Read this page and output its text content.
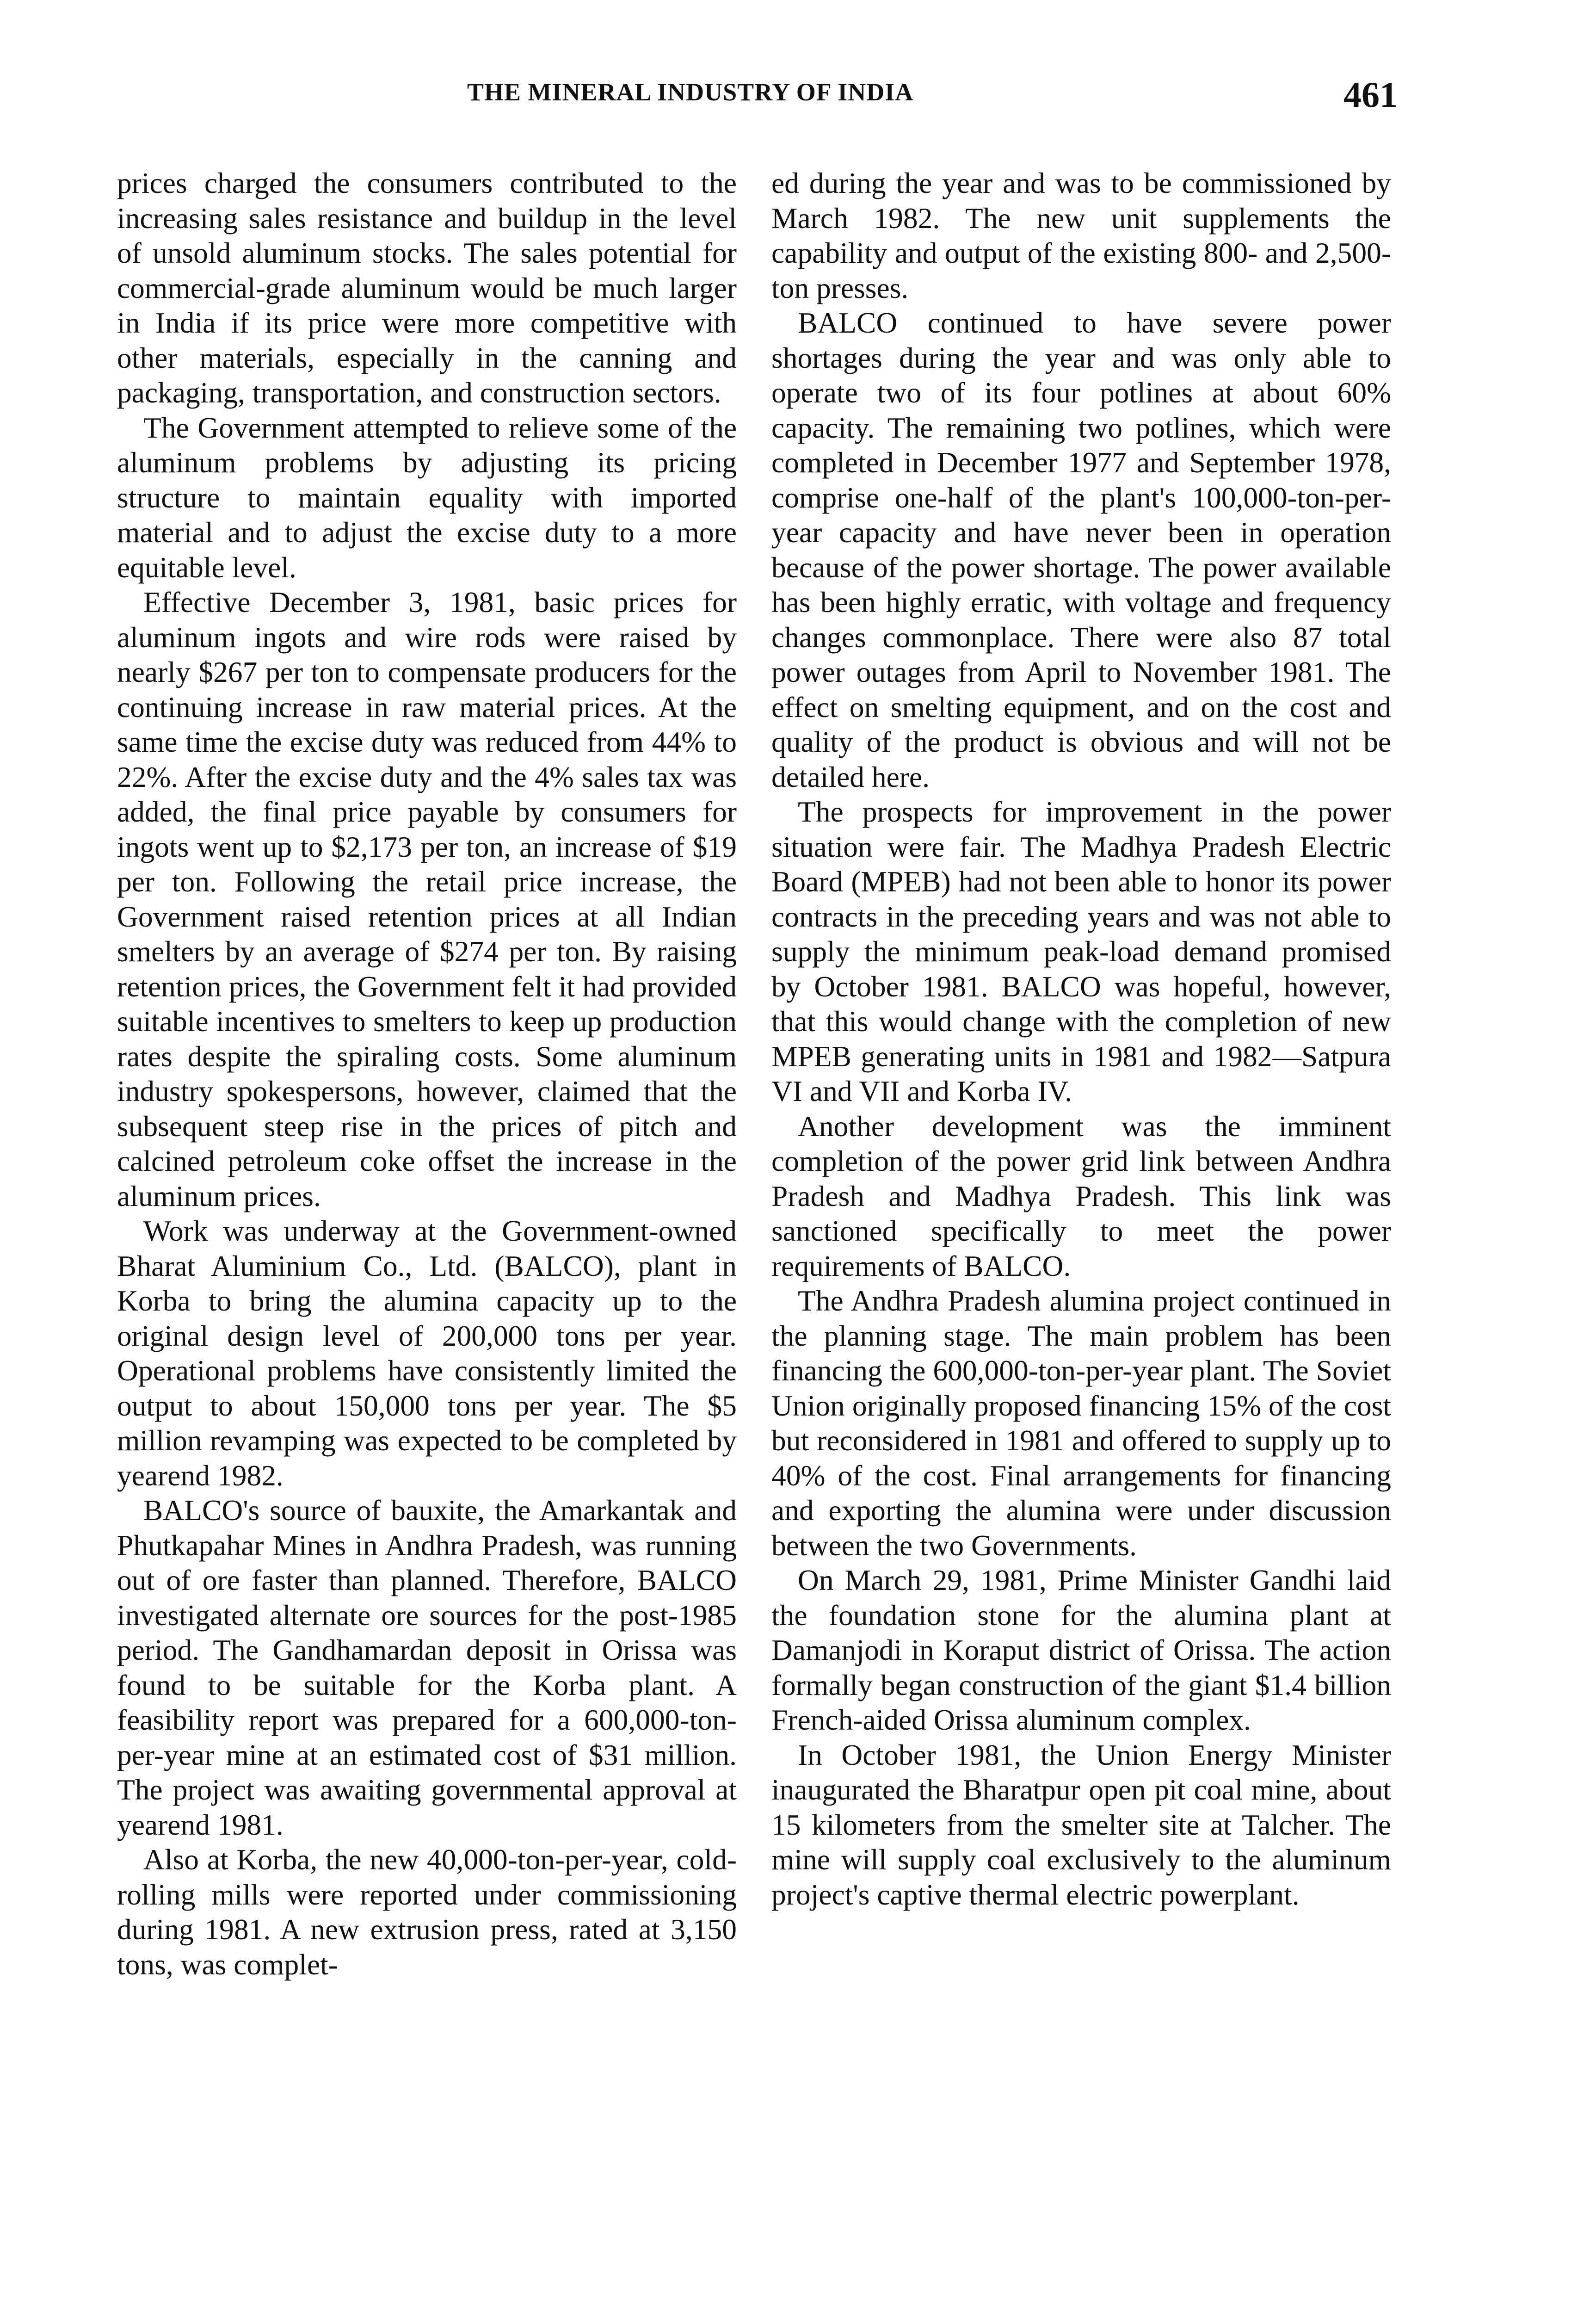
THE MINERAL INDUSTRY OF INDIA	461

prices charged the consumers contributed to the increasing sales resistance and buildup in the level of unsold aluminum stocks. The sales potential for commercial-grade aluminum would be much larger in India if its price were more competitive with other materials, especially in the canning and packaging, transportation, and construction sectors.

The Government attempted to relieve some of the aluminum problems by adjusting its pricing structure to maintain equality with imported material and to adjust the excise duty to a more equitable level.

Effective December 3, 1981, basic prices for aluminum ingots and wire rods were raised by nearly $267 per ton to compensate producers for the continuing increase in raw material prices. At the same time the excise duty was reduced from 44% to 22%. After the excise duty and the 4% sales tax was added, the final price payable by consumers for ingots went up to $2,173 per ton, an increase of $19 per ton. Following the retail price increase, the Government raised retention prices at all Indian smelters by an average of $274 per ton. By raising retention prices, the Government felt it had provided suitable incentives to smelters to keep up production rates despite the spiraling costs. Some aluminum industry spokespersons, however, claimed that the subsequent steep rise in the prices of pitch and calcined petroleum coke offset the increase in the aluminum prices.

Work was underway at the Government-owned Bharat Aluminium Co., Ltd. (BALCO), plant in Korba to bring the alumina capacity up to the original design level of 200,000 tons per year. Operational problems have consistently limited the output to about 150,000 tons per year. The $5 million revamping was expected to be completed by yearend 1982.

BALCO's source of bauxite, the Amarkantak and Phutkapahar Mines in Andhra Pradesh, was running out of ore faster than planned. Therefore, BALCO investigated alternate ore sources for the post-1985 period. The Gandhamardan deposit in Orissa was found to be suitable for the Korba plant. A feasibility report was prepared for a 600,000-ton-per-year mine at an estimated cost of $31 million. The project was awaiting governmental approval at yearend 1981.

Also at Korba, the new 40,000-ton-per-year, cold-rolling mills were reported under commissioning during 1981. A new extrusion press, rated at 3,150 tons, was complet-

ed during the year and was to be commissioned by March 1982. The new unit supplements the capability and output of the existing 800- and 2,500-ton presses.

BALCO continued to have severe power shortages during the year and was only able to operate two of its four potlines at about 60% capacity. The remaining two potlines, which were completed in December 1977 and September 1978, comprise one-half of the plant's 100,000-ton-per-year capacity and have never been in operation because of the power shortage. The power available has been highly erratic, with voltage and frequency changes commonplace. There were also 87 total power outages from April to November 1981. The effect on smelting equipment, and on the cost and quality of the product is obvious and will not be detailed here.

The prospects for improvement in the power situation were fair. The Madhya Pradesh Electric Board (MPEB) had not been able to honor its power contracts in the preceding years and was not able to supply the minimum peak-load demand promised by October 1981. BALCO was hopeful, however, that this would change with the completion of new MPEB generating units in 1981 and 1982—Satpura VI and VII and Korba IV.

Another development was the imminent completion of the power grid link between Andhra Pradesh and Madhya Pradesh. This link was sanctioned specifically to meet the power requirements of BALCO.

The Andhra Pradesh alumina project continued in the planning stage. The main problem has been financing the 600,000-ton-per-year plant. The Soviet Union originally proposed financing 15% of the cost but reconsidered in 1981 and offered to supply up to 40% of the cost. Final arrangements for financing and exporting the alumina were under discussion between the two Governments.

On March 29, 1981, Prime Minister Gandhi laid the foundation stone for the alumina plant at Damanjodi in Koraput district of Orissa. The action formally began construction of the giant $1.4 billion French-aided Orissa aluminum complex.

In October 1981, the Union Energy Minister inaugurated the Bharatpur open pit coal mine, about 15 kilometers from the smelter site at Talcher. The mine will supply coal exclusively to the aluminum project's captive thermal electric powerplant.
